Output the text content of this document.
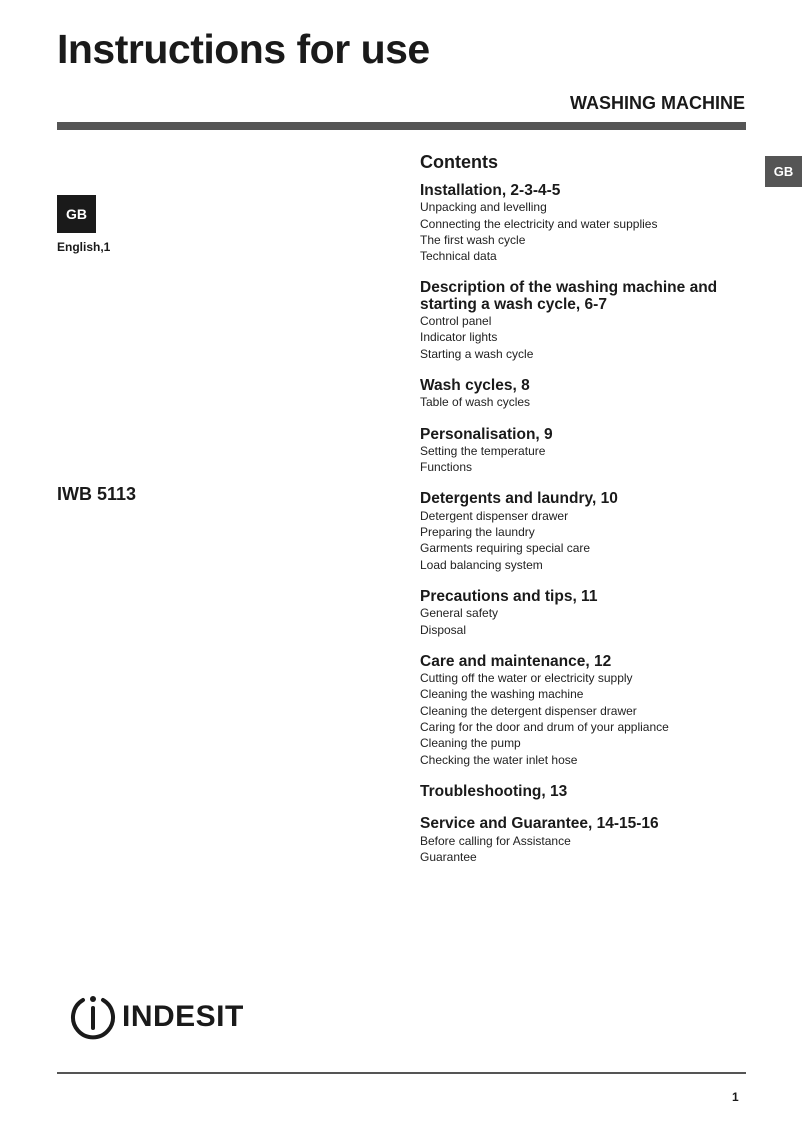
Instructions for use
WASHING MACHINE
GB
GB
English,1
IWB 5113
Contents
Installation, 2-3-4-5
Unpacking and levelling
Connecting the electricity and water supplies
The first wash cycle
Technical data
Description of the washing machine and starting a wash cycle, 6-7
Control panel
Indicator lights
Starting a wash cycle
Wash cycles, 8
Table of wash cycles
Personalisation, 9
Setting the temperature
Functions
Detergents and laundry, 10
Detergent dispenser drawer
Preparing the laundry
Garments requiring special care
Load balancing system
Precautions and tips, 11
General safety
Disposal
Care and maintenance, 12
Cutting off the water or electricity supply
Cleaning the washing machine
Cleaning the detergent dispenser drawer
Caring for the door and drum of your appliance
Cleaning the pump
Checking the water inlet hose
Troubleshooting, 13
Service and Guarantee, 14-15-16
Before calling for Assistance
Guarantee
INDESIT
1
